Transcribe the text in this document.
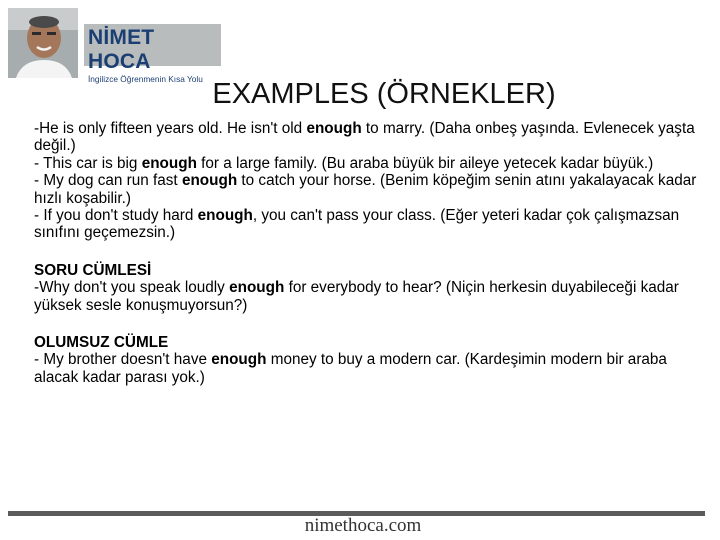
NİMET HOCA
İngilizce Öğrenmenin Kısa Yolu EXAMPLES (ÖRNEKLER)

-He is only fifteen years old. He isn't old enough to marry. (Daha onbeş yaşında. Evlenecek yaşta değil.)

- This car is big enough for a large family. (Bu araba büyük bir aileye yetecek kadar büyük.)

- My dog can run fast enough to catch your horse. (Benim köpeğim senin atını yakalayacak kadar hızlı koşabilir.)

- If you don't study hard enough, you can't pass your class. (Eğer yeteri kadar çok çalışmazsan sınıfını geçemezsin.)

SORU CÜMLESİ

-Why don't you speak loudly enough for everybody to hear? (Niçin herkesin duyabileceği kadar yüksek sesle konuşmuyorsun?)

OLUMSUZ CÜMLE

- My brother doesn't have enough money to buy a modern car. (Kardeşimin modern bir araba alacak kadar parası yok.)

nimethoca.com
